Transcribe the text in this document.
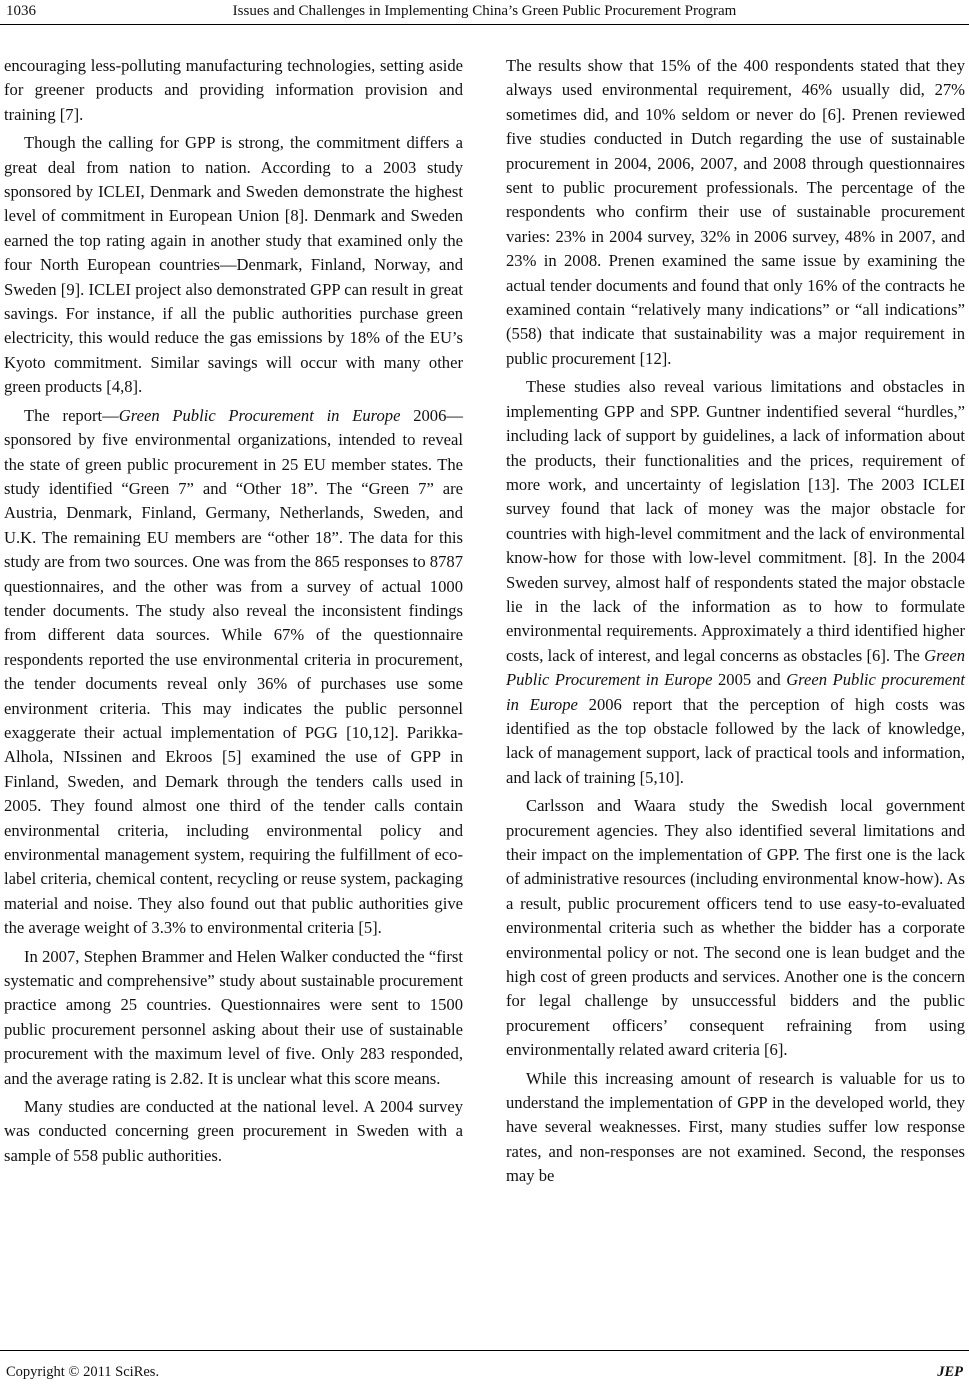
1036	Issues and Challenges in Implementing China’s Green Public Procurement Program

encouraging less-polluting manufacturing technologies, setting aside for greener products and providing information provision and training [7].

Though the calling for GPP is strong, the commitment differs a great deal from nation to nation. According to a 2003 study sponsored by ICLEI, Denmark and Sweden demonstrate the highest level of commitment in European Union [8]. Denmark and Sweden earned the top rating again in another study that examined only the four North European countries—Denmark, Finland, Norway, and Sweden [9]. ICLEI project also demonstrated GPP can result in great savings. For instance, if all the public authorities purchase green electricity, this would reduce the gas emissions by 18% of the EU’s Kyoto commitment. Similar savings will occur with many other green products [4,8].

The report—Green Public Procurement in Europe 2006—sponsored by five environmental organizations, intended to reveal the state of green public procurement in 25 EU member states. The study identified “Green 7” and “Other 18”. The “Green 7” are Austria, Denmark, Finland, Germany, Netherlands, Sweden, and U.K. The remaining EU members are “other 18”. The data for this study are from two sources. One was from the 865 responses to 8787 questionnaires, and the other was from a survey of actual 1000 tender documents. The study also reveal the inconsistent findings from different data sources. While 67% of the questionnaire respondents reported the use environmental criteria in procurement, the tender documents reveal only 36% of purchases use some environment criteria. This may indicates the public personnel exaggerate their actual implementation of PGG [10,12]. Parikka-Alhola, NIssinen and Ekroos [5] examined the use of GPP in Finland, Sweden, and Demark through the tenders calls used in 2005. They found almost one third of the tender calls contain environmental criteria, including environmental policy and environmental management system, requiring the fulfillment of eco-label criteria, chemical content, recycling or reuse system, packaging material and noise. They also found out that public authorities give the average weight of 3.3% to environmental criteria [5].

In 2007, Stephen Brammer and Helen Walker conducted the “first systematic and comprehensive” study about sustainable procurement practice among 25 countries. Questionnaires were sent to 1500 public procurement personnel asking about their use of sustainable procurement with the maximum level of five. Only 283 responded, and the average rating is 2.82. It is unclear what this score means.

Many studies are conducted at the national level. A 2004 survey was conducted concerning green procurement in Sweden with a sample of 558 public authorities.

The results show that 15% of the 400 respondents stated that they always used environmental requirement, 46% usually did, 27% sometimes did, and 10% seldom or never do [6]. Prenen reviewed five studies conducted in Dutch regarding the use of sustainable procurement in 2004, 2006, 2007, and 2008 through questionnaires sent to public procurement professionals. The percentage of the respondents who confirm their use of sustainable procurement varies: 23% in 2004 survey, 32% in 2006 survey, 48% in 2007, and 23% in 2008. Prenen examined the same issue by examining the actual tender documents and found that only 16% of the contracts he examined contain “relatively many indications” or “all indications” (558) that indicate that sustainability was a major requirement in public procurement [12].

These studies also reveal various limitations and obstacles in implementing GPP and SPP. Guntner indentified several “hurdles,” including lack of support by guidelines, a lack of information about the products, their functionalities and the prices, requirement of more work, and uncertainty of legislation [13]. The 2003 ICLEI survey found that lack of money was the major obstacle for countries with high-level commitment and the lack of environmental know-how for those with low-level commitment. [8]. In the 2004 Sweden survey, almost half of respondents stated the major obstacle lie in the lack of the information as to how to formulate environmental requirements. Approximately a third identified higher costs, lack of interest, and legal concerns as obstacles [6]. The Green Public Procurement in Europe 2005 and Green Public procurement in Europe 2006 report that the perception of high costs was identified as the top obstacle followed by the lack of knowledge, lack of management support, lack of practical tools and information, and lack of training [5,10].

Carlsson and Waara study the Swedish local government procurement agencies. They also identified several limitations and their impact on the implementation of GPP. The first one is the lack of administrative resources (including environmental know-how). As a result, public procurement officers tend to use easy-to-evaluated environmental criteria such as whether the bidder has a corporate environmental policy or not. The second one is lean budget and the high cost of green products and services. Another one is the concern for legal challenge by unsuccessful bidders and the public procurement officers’ consequent refraining from using environmentally related award criteria [6].

While this increasing amount of research is valuable for us to understand the implementation of GPP in the developed world, they have several weaknesses. First, many studies suffer low response rates, and non-responses are not examined. Second, the responses may be

Copyright © 2011 SciRes.	JEP
